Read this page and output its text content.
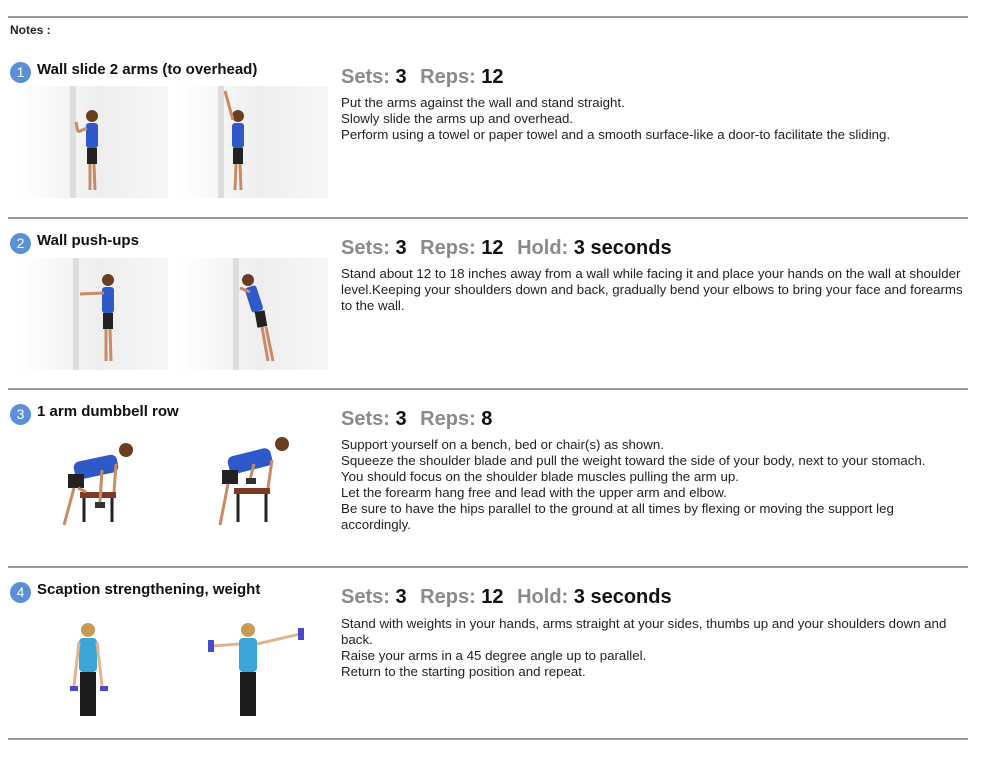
Notes :
1 Wall slide 2 arms (to overhead)	Sets: 3 Reps: 12
Put the arms against the wall and stand straight.
Slowly slide the arms up and overhead.
Perform using a towel or paper towel and a smooth surface-like a door-to facilitate the sliding.
2 Wall push-ups	Sets: 3 Reps: 12 Hold: 3 seconds
Stand about 12 to 18 inches away from a wall while facing it and place your hands on the wall at shoulder level.Keeping your shoulders down and back, gradually bend your elbows to bring your face and forearms to the wall.
3 1 arm dumbbell row	Sets: 3 Reps: 8
Support yourself on a bench, bed or chair(s) as shown.
Squeeze the shoulder blade and pull the weight toward the side of your body, next to your stomach.
You should focus on the shoulder blade muscles pulling the arm up.
Let the forearm hang free and lead with the upper arm and elbow.
Be sure to have the hips parallel to the ground at all times by flexing or moving the support leg accordingly.
4 Scaption strengthening, weight	Sets: 3 Reps: 12 Hold: 3 seconds
Stand with weights in your hands, arms straight at your sides, thumbs up and your shoulders down and back.
Raise your arms in a 45 degree angle up to parallel.
Return to the starting position and repeat.
